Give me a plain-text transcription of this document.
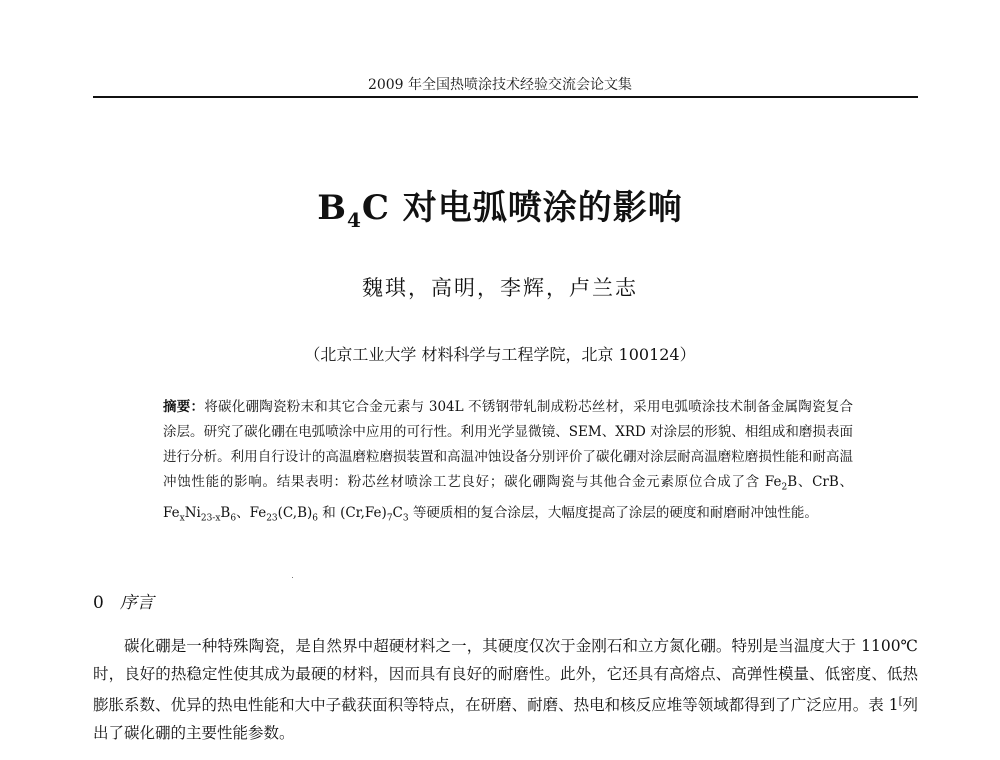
2009 年全国热喷涂技术经验交流会论文集
$B_4C$ 对电弧喷涂的影响
魏琪，高明，李辉，卢兰志
（北京工业大学 材料科学与工程学院，北京 100124）
摘要：将碳化硼陶瓷粉末和其它合金元素与 304L 不锈钢带轧制成粉芯丝材，采用电弧喷涂技术制备金属陶瓷复合涂层。研究了碳化硼在电弧喷涂中应用的可行性。利用光学显微镜、SEM、XRD 对涂层的形貌、相组成和磨损表面进行分析。利用自行设计的高温磨粒磨损装置和高温冲蚀设备分别评价了碳化硼对涂层耐高温磨粒磨损性能和耐高温冲蚀性能的影响。结果表明：粉芯丝材喷涂工艺良好；碳化硼陶瓷与其他合金元素原位合成了含 $Fe_2B$、CrB、$Fe_xNi_{23-x}B_6$、$Fe_{23}(C,B)_6$ 和 $(Cr,Fe)_7C_3$ 等硬质相的复合涂层，大幅度提高了涂层的硬度和耐磨耐冲蚀性能。
0 序言
碳化硼是一种特殊陶瓷，是自然界中超硬材料之一，其硬度仅次于金刚石和立方氮化硼。特别是当温度大于 1100℃时，良好的热稳定性使其成为最硬的材料，因而具有良好的耐磨性。此外，它还具有高熔点、高弹性模量、低密度、低热膨胀系数、优异的热电性能和大中子截获面积等特点，在研磨、耐磨、热电和核反应堆等领域都得到了广泛应用。表 1[列出了碳化硼的主要性能参数。
